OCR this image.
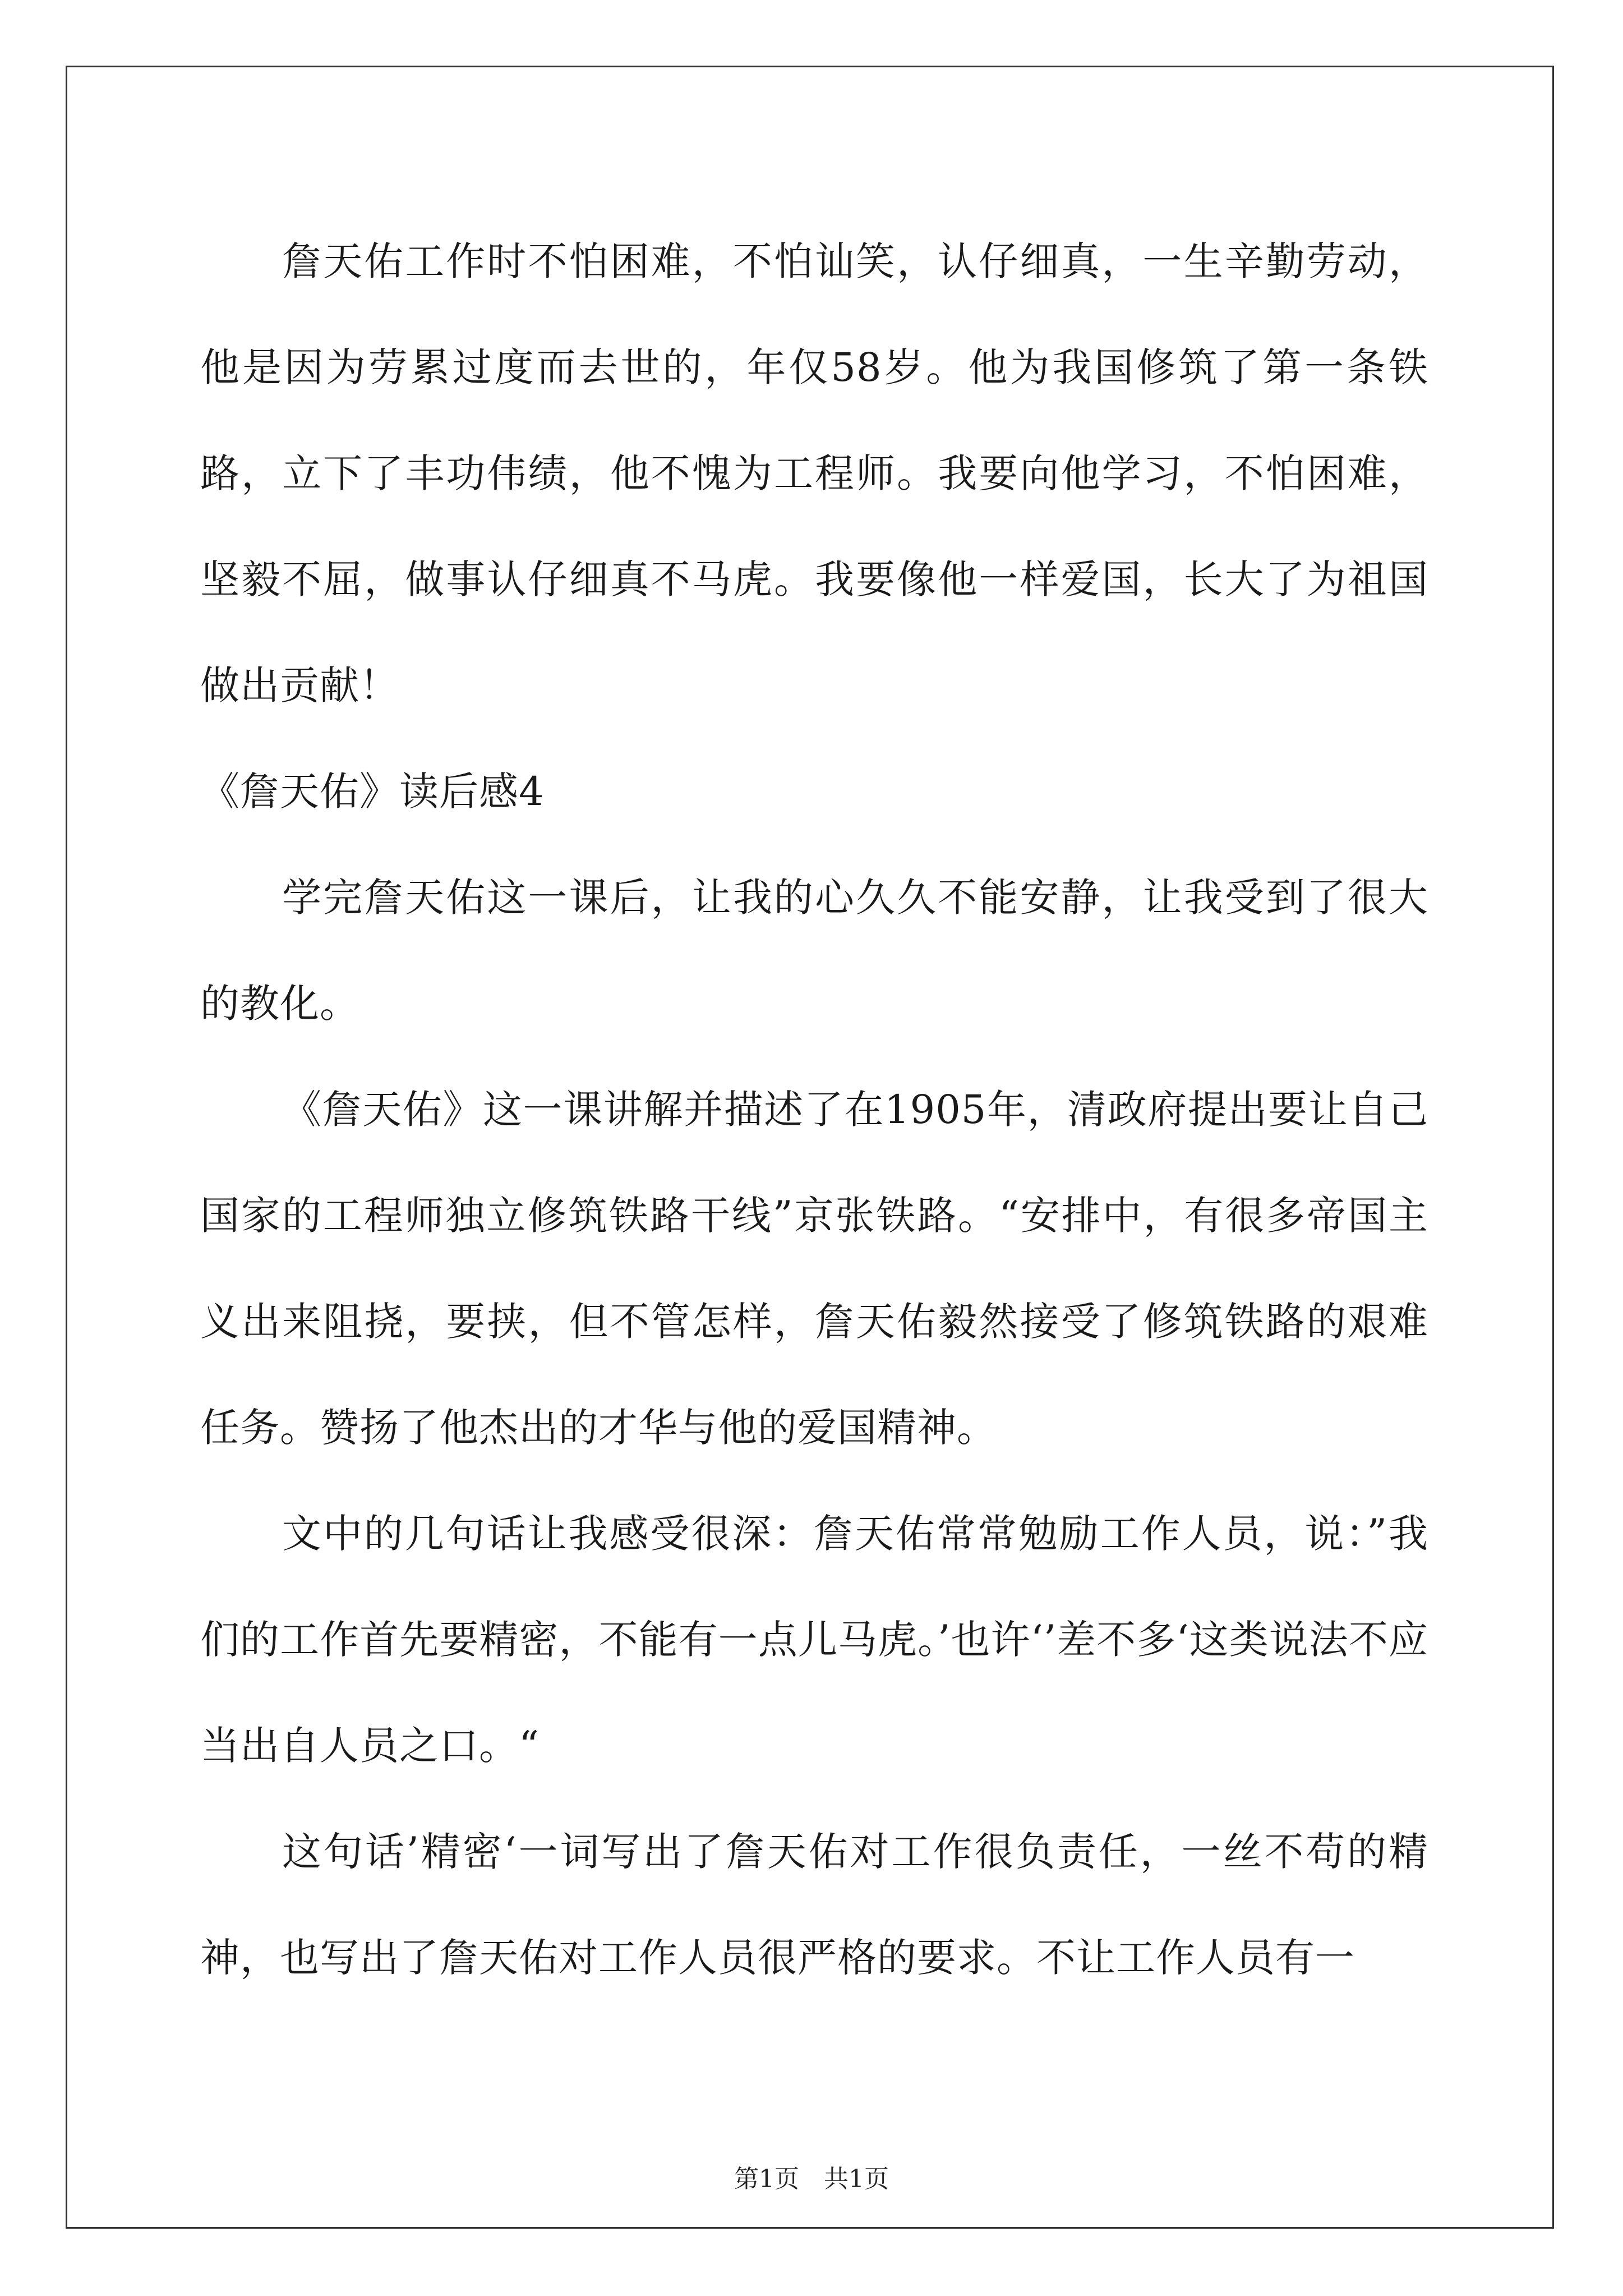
詹天佑工作时不怕困难，不怕讪笑，认仔细真，一生辛勤劳动，他是因为劳累过度而去世的，年仅58岁。他为我国修筑了第一条铁路，立下了丰功伟绩，他不愧为工程师。我要向他学习，不怕困难，坚毅不屈，做事认仔细真不马虎。我要像他一样爱国，长大了为祖国做出贡献！

《詹天佑》读后感4

学完詹天佑这一课后，让我的心久久不能安静，让我受到了很大的教化。

《詹天佑》这一课讲解并描述了在1905年，清政府提出要让自己国家的工程师独立修筑铁路干线”京张铁路。“安排中，有很多帝国主义出来阻挠，要挟，但不管怎样，詹天佑毅然接受了修筑铁路的艰难任务。赞扬了他杰出的才华与他的爱国精神。

文中的几句话让我感受很深：詹天佑常常勉励工作人员，说：”我们的工作首先要精密，不能有一点儿马虎。’也许‘’差不多‘这类说法不应当出自人员之口。“

这句话’精密‘一词写出了詹天佑对工作很负责任，一丝不苟的精神，也写出了詹天佑对工作人员很严格的要求。不让工作人员有一

第1页　共1页
